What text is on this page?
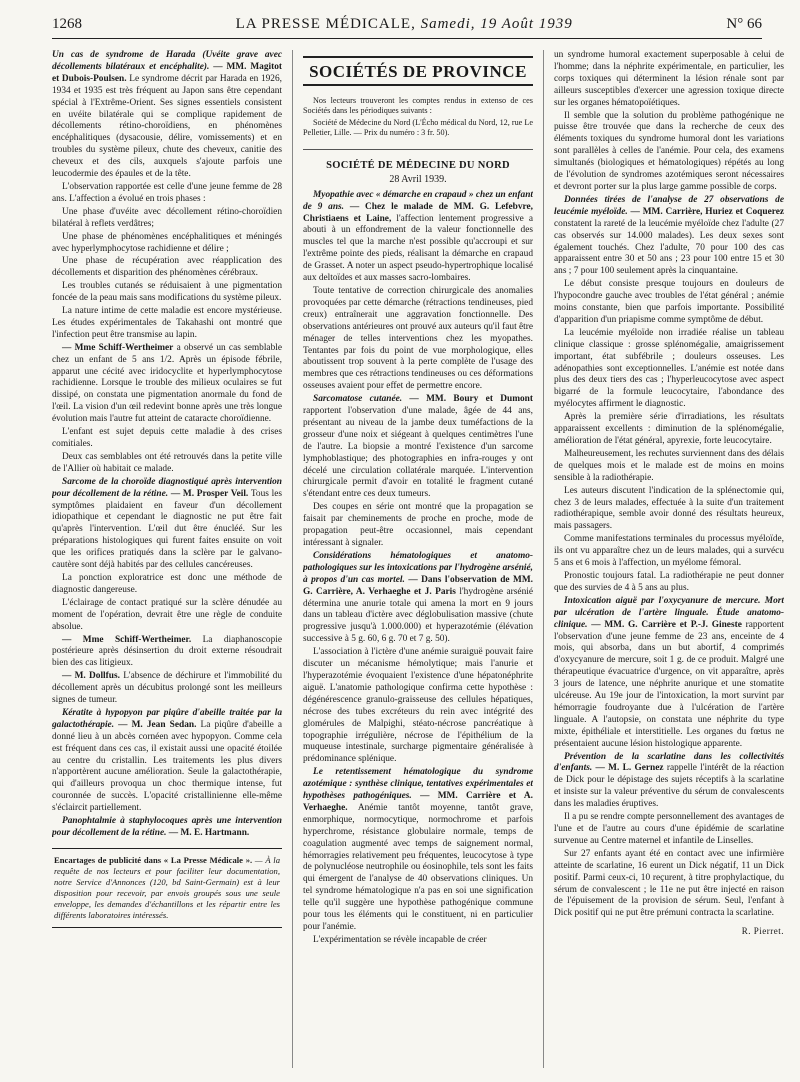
1268	LA PRESSE MÉDICALE, Samedi, 19 Août 1939	N° 66

Un cas de syndrome de Harada (Uvéite grave avec décollements bilatéraux et encéphalite). — MM. Magitot et Dubois-Poulsen. Le syndrome décrit par Harada en 1926, 1934 et 1935 est très fréquent au Japon sans être cependant spécial à l'Extrême-Orient. Ses signes essentiels consistent en uvéite bilatérale qui se complique rapidement de décollements rétino-choroïdiens, en phénomènes encéphalitiques (dysacousie, délire, vomissements) et en troubles du système pileux, chute des cheveux, canitie des cheveux et des cils, auxquels s'ajoute parfois une leucodermie des épaules et de la tête.

L'observation rapportée est celle d'une jeune femme de 28 ans. L'affection a évolué en trois phases :

Une phase d'uvéite avec décollement rétino-choroïdien bilatéral à reflets verdâtres;

Une phase de phénomènes encéphalitiques et méningés avec hyperlymphocytose rachidienne et délire ;

Une phase de récupération avec réapplication des décollements et disparition des phénomènes cérébraux.

Les troubles cutanés se réduisaient à une pigmentation foncée de la peau mais sans modifications du système pileux.

La nature intime de cette maladie est encore mystérieuse. Les études expérimentales de Takahashi ont montré que l'infection peut être transmise au lapin.

— Mme Schiff-Wertheimer a observé un cas semblable chez un enfant de 5 ans 1/2. Après un épisode fébrile, apparut une cécité avec iridocyclite et hyperlymphocytose rachidienne. Lorsque le trouble des milieux oculaires se fut dissipé, on constata une pigmentation anormale du fond de l'œil. La vision d'un œil redevint bonne après une très longue évolution mais l'autre fut atteint de cataracte choroïdienne.

L'enfant est sujet depuis cette maladie à des crises comitiales.

Deux cas semblables ont été retrouvés dans la petite ville de l'Allier où habitait ce malade.

Sarcome de la choroïde diagnostiqué après intervention pour décollement de la rétine. — M. Prosper Veil. Tous les symptômes plaidaient en faveur d'un décollement idiopathique et cependant le diagnostic ne put être fait qu'après l'intervention. L'œil dut être énucléé. Sur les préparations histologiques qui furent faites ensuite on voit que les orifices pratiqués dans la sclère par le galvano-cautère sont déjà habités par des cellules cancéreuses.

La ponction exploratrice est donc une méthode de diagnostic dangereuse.

L'éclairage de contact pratiqué sur la sclère dénudée au moment de l'opération, devrait être une règle de conduite absolue.

— Mme Schiff-Wertheimer. La diaphanoscopie postérieure après désinsertion du droit externe résoudrait bien des cas litigieux.

— M. Dollfus. L'absence de déchirure et l'immobilité du décollement après un décubitus prolongé sont les meilleurs signes de tumeur.

Kératite à hypopyon par piqûre d'abeille traitée par la galactothérapie. — M. Jean Sedan. La piqûre d'abeille a donné lieu à un abcès cornéen avec hypopyon. Comme cela est fréquent dans ces cas, il existait aussi une opacité étoilée au centre du cristallin. Les traitements les plus divers n'apportèrent aucune amélioration. Seule la galactothérapie, qui d'ailleurs provoqua un choc thermique intense, fut couronnée de succès. L'opacité cristallinienne elle-même s'éclaircit partiellement.

Panophtalmie à staphylocoques après une intervention pour décollement de la rétine. — M. E. Hartmann.

Encartages de publicité dans « La Presse Médicale ». — À la requête de nos lecteurs et pour faciliter leur documentation, notre Service d'Annonces (120, bd Saint-Germain) est à leur disposition pour recevoir, par envois groupés sous une seule enveloppe, les demandes d'échantillons et les répartir entre les différents laboratoires intéressés.
SOCIÉTÉS DE PROVINCE

Nos lecteurs trouveront les comptes rendus in extenso de ces Sociétés dans les périodiques suivants :

Société de Médecine du Nord (L'Écho médical du Nord, 12, rue Le Pelletier, Lille. — Prix du numéro : 3 fr. 50).

SOCIÉTÉ DE MÉDECINE DU NORD
28 Avril 1939.

Myopathie avec « démarche en crapaud » chez un enfant de 9 ans. — Chez le malade de MM. G. Lefebvre, Christiaens et Laine, l'affection lentement progressive a abouti à un effondrement de la valeur fonctionnelle des muscles tel que la marche n'est possible qu'accroupi et sur l'extrême pointe des pieds, réalisant la démarche en crapaud de Grasset. A noter un aspect pseudo-hypertrophique localisé aux deltoïdes et aux masses sacro-lombaires.

Toute tentative de correction chirurgicale des anomalies provoquées par cette démarche (rétractions tendineuses, pied creux) entraînerait une aggravation fonctionnelle. Des observations antérieures ont prouvé aux auteurs qu'il faut être ménager de telles interventions chez les myopathes. Tentantes par fois du point de vue morphologique, elles aboutissent trop souvent à la perte complète de l'usage des membres que ces rétractions tendineuses ou ces déformations osseuses avaient pour effet de permettre encore.

Sarcomatose cutanée. — MM. Boury et Dumont rapportent l'observation d'une malade, âgée de 44 ans, présentant au niveau de la jambe deux tuméfactions de la grosseur d'une noix et siégeant à quelques centimètres l'une de l'autre. La biopsie a montré l'existence d'un sarcome lymphoblastique; des photographies en infra-rouges y ont décelé une circulation collatérale marquée. L'intervention chirurgicale permit d'avoir en totalité le fragment cutané s'étendant entre ces deux tumeurs.

Des coupes en série ont montré que la propagation se faisait par cheminements de proche en proche, mode de propagation peut-être occasionnel, mais cependant intéressant à signaler.

Considérations hématologiques et anatomo-pathologiques sur les intoxications par l'hydrogène arsénié, à propos d'un cas mortel. — Dans l'observation de MM. G. Carrière, A. Verhaeghe et J. Paris l'hydrogène arsénié détermina une anurie totale qui amena la mort en 9 jours dans un tableau d'ictère avec déglobulisation massive (chute progressive jusqu'à 1.000.000) et hyperazotémie (élévation successive à 5 g. 60, 6 g. 70 et 7 g. 50).

L'association à l'ictère d'une anémie suraiguë pouvait faire discuter un mécanisme hémolytique; mais l'anurie et l'hyperazotémie évoquaient l'existence d'une hépatonéphrite aiguë. L'anatomie pathologique confirma cette hypothèse : dégénérescence granulo-graisseuse des cellules hépatiques, nécrose des tubes excréteurs du rein avec intégrité des glomérules de Malpighi, stéato-nécrose pancréatique à topographie irrégulière, nécrose de l'épithélium de la muqueuse intestinale, surcharge pigmentaire généralisée à prédominance splénique.

Le retentissement hématologique du syndrome azotémique : synthèse clinique, tentatives expérimentales et hypothèses pathogéniques. — MM. Carrière et A. Verhaeghe. Anémie tantôt moyenne, tantôt grave, enmorphique, normocytique, normochrome et parfois hyperchrome, résistance globulaire normale, temps de coagulation augmenté avec temps de saignement normal, hémorragies relativement peu fréquentes, leucocytose à type de polynucléose neutrophile ou éosinophile, tels sont les faits qui émergent de l'analyse de 40 observations cliniques. Un tel syndrome hématologique n'a pas en soi une signification telle qu'il suggère une hypothèse pathogénique commune pour tous les éléments qui le constituent, ni en particulier pour l'anémie.

L'expérimentation se révèle incapable de créer

un syndrome humoral exactement superposable à celui de l'homme; dans la néphrite expérimentale, en particulier, les corps toxiques qui déterminent la lésion rénale sont par ailleurs susceptibles d'exercer une agression toxique directe sur les organes hématopoïétiques.

Il semble que la solution du problème pathogénique ne puisse être trouvée que dans la recherche de ceux des éléments toxiques du syndrome humoral dont les variations sont parallèles à celles de l'anémie. Pour cela, des examens simultanés (biologiques et hématologiques) répétés au long de l'évolution de syndromes azotémiques seront nécessaires et devront porter sur la plus large gamme possible de corps.

Données tirées de l'analyse de 27 observations de leucémie myéloïde. — MM. Carrière, Huriez et Coquerez constatent la rareté de la leucémie myéloïde chez l'adulte (27 cas observés sur 14.000 malades). Les deux sexes sont également touchés. Chez l'adulte, 70 pour 100 des cas apparaissent entre 30 et 50 ans ; 23 pour 100 entre 15 et 30 ans ; 7 pour 100 seulement après la cinquantaine.

Le début consiste presque toujours en douleurs de l'hypocondre gauche avec troubles de l'état général ; anémie moins constante, bien que parfois importante. Possibilité d'apparition d'un priapisme comme symptôme de début.

La leucémie myéloïde non irradiée réalise un tableau clinique classique : grosse splénomégalie, amaigrissement important, état subfébrile ; douleurs osseuses. Les adénopathies sont exceptionnelles. L'anémie est notée dans plus des deux tiers des cas ; l'hyperleucocytose avec aspect bigarré de la formule leucocytaire, l'abondance des myélocytes affirment le diagnostic.

Après la première série d'irradiations, les résultats apparaissent excellents : diminution de la splénomégalie, amélioration de l'état général, apyrexie, forte leucocytaire.

Malheureusement, les rechutes surviennent dans des délais de quelques mois et le malade est de moins en moins sensible à la radiothérapie.

Les auteurs discutent l'indication de la splénectomie qui, chez 3 de leurs malades, effectuée à la suite d'un traitement radiothérapique, semble avoir donné des résultats heureux, mais passagers.

Comme manifestations terminales du processus myéloïde, ils ont vu apparaître chez un de leurs malades, qui a survécu 5 ans et 6 mois à l'affection, un myélome fémoral.

Pronostic toujours fatal. La radiothérapie ne peut donner que des survies de 4 à 5 ans au plus.

Intoxication aiguë par l'oxycyanure de mercure. Mort par ulcération de l'artère linguale. Étude anatomo-clinique. — MM. G. Carrière et P.-J. Gineste rapportent l'observation d'une jeune femme de 23 ans, enceinte de 4 mois, qui absorba, dans un but abortif, 4 comprimés d'oxycyanure de mercure, soit 1 g. de ce produit. Malgré une thérapeutique évacuatrice d'urgence, on vit apparaître, après 3 jours de latence, une néphrite anurique et une stomatite ulcéreuse. Au 19e jour de l'intoxication, la mort survint par hémorragie foudroyante due à l'ulcération de l'artère linguale. A l'autopsie, on constata une néphrite du type mixte, épithéliale et interstitielle. Les organes du fœtus ne présentaient aucune lésion histologique apparente.

Prévention de la scarlatine dans les collectivités d'enfants. — M. L. Gernez rappelle l'intérêt de la réaction de Dick pour le dépistage des sujets réceptifs à la scarlatine et insiste sur la valeur préventive du sérum de convalescents dans les maladies éruptives.

Il a pu se rendre compte personnellement des avantages de l'une et de l'autre au cours d'une épidémie de scarlatine survenue au Centre maternel et infantile de Linselles.

Sur 27 enfants ayant été en contact avec une infirmière atteinte de scarlatine, 16 eurent un Dick négatif, 11 un Dick positif. Parmi ceux-ci, 10 reçurent, à titre prophylactique, du sérum de convalescent ; le 11e ne put être injecté en raison de l'épuisement de la provision de sérum. Seul, l'enfant à Dick positif qui ne put être prémuni contracta la scarlatine.

R. Pierret.
